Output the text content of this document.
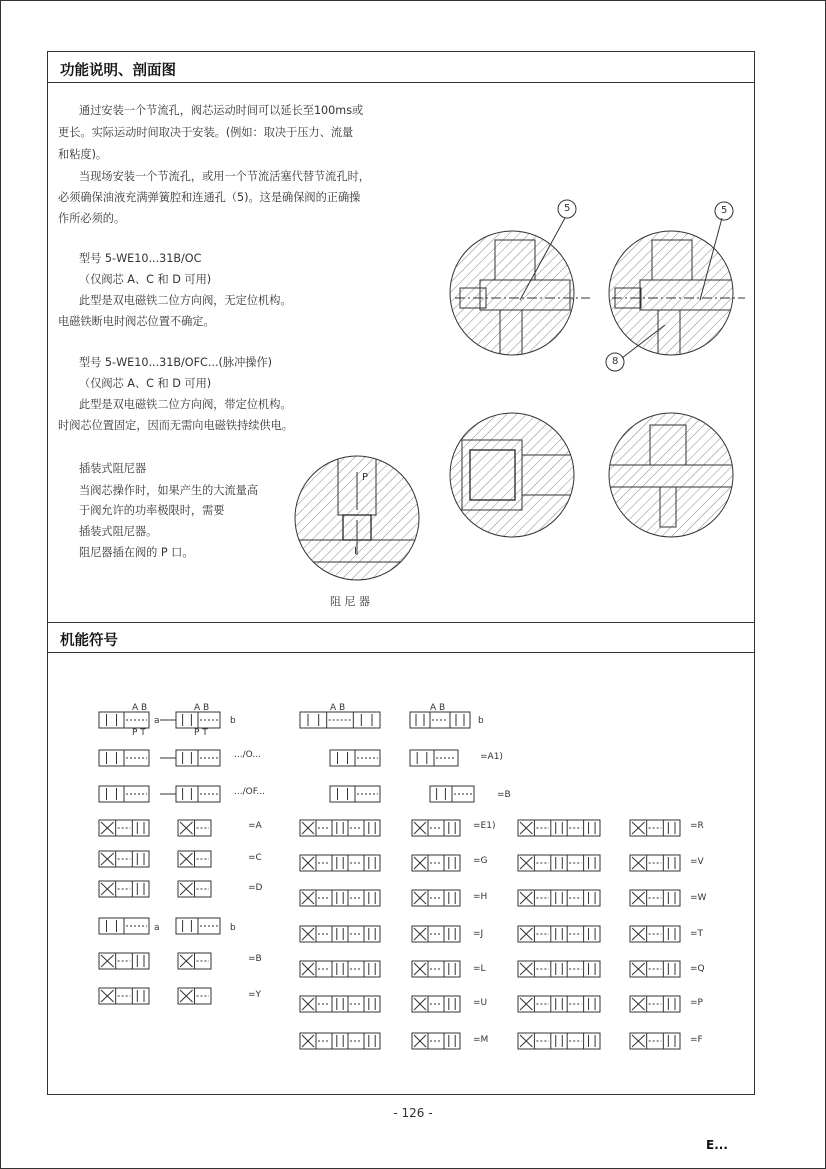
功能说明、剖面图
通过安装一个节流孔，阀芯运动时间可以延长至100ms或
更长。实际运动时间取决于安装。(例如：取决于压力、流量
和粘度)。
当现场安装一个节流孔，或用一个节流活塞代替节流孔时，
必须确保油液充满弹簧腔和连通孔（5)。这是确保阀的正确操
作所必须的。
型号 5-WE10...31B/OC
（仅阀芯 A、C 和 D 可用)
此型是双电磁铁二位方向阀，无定位机构。
电磁铁断电时阀芯位置不确定。
型号 5-WE10...31B/OFC...(脉冲操作)
（仅阀芯 A、C 和 D 可用)
此型是双电磁铁二位方向阀，带定位机构。
时阀芯位置固定，因而无需向电磁铁持续供电。
插装式阻尼器
当阀芯操作时，如果产生的大流量高
于阀允许的功率极限时，需要
插装式阻尼器。
阻尼器插在阀的 P 口。
5	5
8
P
I
阻 尼 器
机能符号
A B	A B	A B	A B
P T	P T
a	b	b
b
a
.../O...
.../OF...
=A1)
=B
=A
=C
=D
=B
=Y
=E1)
=G
=H
=J
=L
=U
=M
=R
=V
=W
=T
=Q
=P
=F
- 126 -
E...
